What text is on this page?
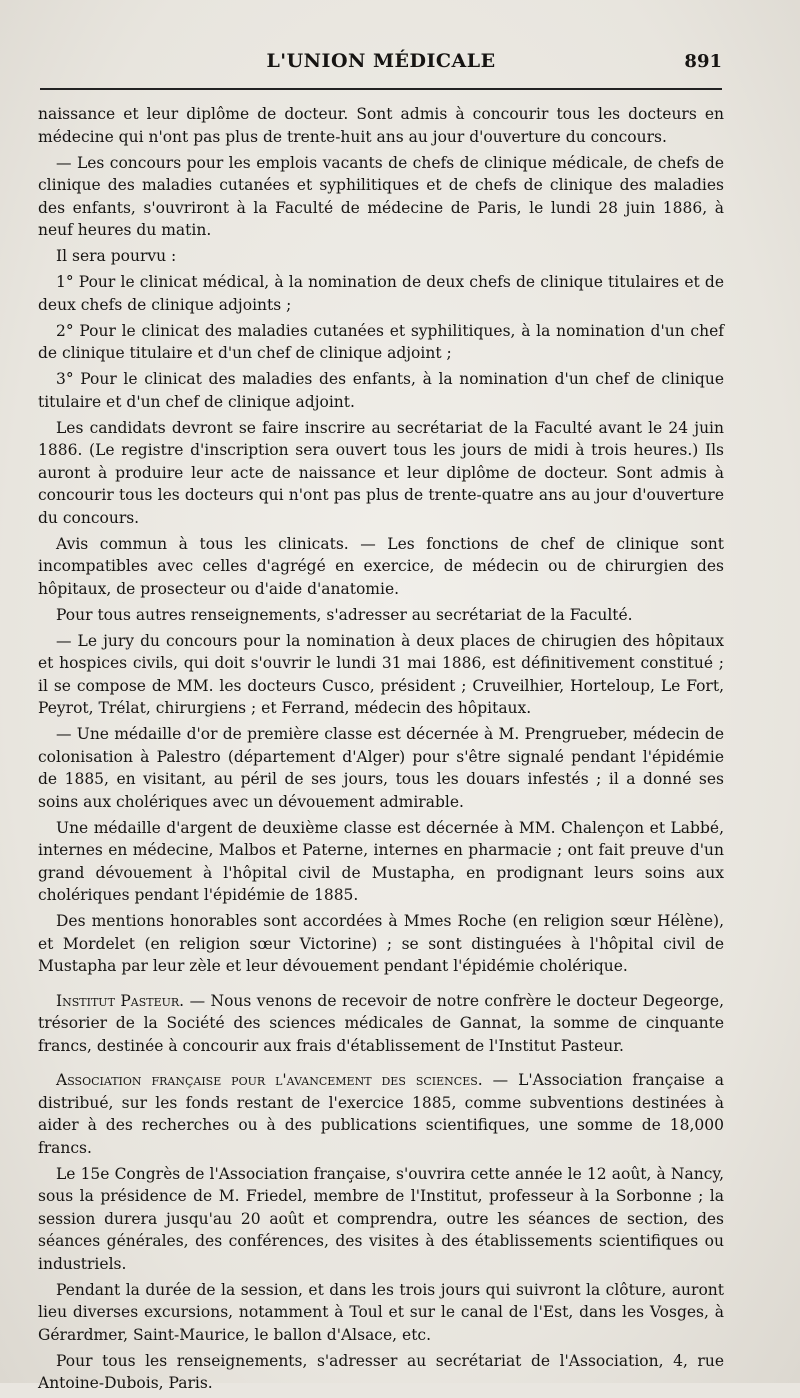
L'UNION MÉDICALE	891

naissance et leur diplôme de docteur. Sont admis à concourir tous les docteurs en médecine qui n'ont pas plus de trente-huit ans au jour d'ouverture du concours.

— Les concours pour les emplois vacants de chefs de clinique médicale, de chefs de clinique des maladies cutanées et syphilitiques et de chefs de clinique des maladies des enfants, s'ouvriront à la Faculté de médecine de Paris, le lundi 28 juin 1886, à neuf heures du matin.

Il sera pourvu :

1° Pour le clinicat médical, à la nomination de deux chefs de clinique titulaires et de deux chefs de clinique adjoints ;

2° Pour le clinicat des maladies cutanées et syphilitiques, à la nomination d'un chef de clinique titulaire et d'un chef de clinique adjoint ;

3° Pour le clinicat des maladies des enfants, à la nomination d'un chef de clinique titulaire et d'un chef de clinique adjoint.

Les candidats devront se faire inscrire au secrétariat de la Faculté avant le 24 juin 1886. (Le registre d'inscription sera ouvert tous les jours de midi à trois heures.) Ils auront à produire leur acte de naissance et leur diplôme de docteur. Sont admis à concourir tous les docteurs qui n'ont pas plus de trente-quatre ans au jour d'ouverture du concours.

Avis commun à tous les clinicats. — Les fonctions de chef de clinique sont incompatibles avec celles d'agrégé en exercice, de médecin ou de chirurgien des hôpitaux, de prosecteur ou d'aide d'anatomie.

Pour tous autres renseignements, s'adresser au secrétariat de la Faculté.

— Le jury du concours pour la nomination à deux places de chirugien des hôpitaux et hospices civils, qui doit s'ouvrir le lundi 31 mai 1886, est définitivement constitué ; il se compose de MM. les docteurs Cusco, président ; Cruveilhier, Horteloup, Le Fort, Peyrot, Trélat, chirurgiens ; et Ferrand, médecin des hôpitaux.

— Une médaille d'or de première classe est décernée à M. Prengrueber, médecin de colonisation à Palestro (département d'Alger) pour s'être signalé pendant l'épidémie de 1885, en visitant, au péril de ses jours, tous les douars infestés ; il a donné ses soins aux cholériques avec un dévouement admirable.

Une médaille d'argent de deuxième classe est décernée à MM. Chalençon et Labbé, internes en médecine, Malbos et Paterne, internes en pharmacie ; ont fait preuve d'un grand dévouement à l'hôpital civil de Mustapha, en prodignant leurs soins aux cholériques pendant l'épidémie de 1885.

Des mentions honorables sont accordées à Mmes Roche (en religion sœur Hélène), et Mordelet (en religion sœur Victorine) ; se sont distinguées à l'hôpital civil de Mustapha par leur zèle et leur dévouement pendant l'épidémie cholérique.

Institut Pasteur. — Nous venons de recevoir de notre confrère le docteur Degeorge, trésorier de la Société des sciences médicales de Gannat, la somme de cinquante francs, destinée à concourir aux frais d'établissement de l'Institut Pasteur.

Association française pour l'avancement des sciences. — L'Association française a distribué, sur les fonds restant de l'exercice 1885, comme subventions destinées à aider à des recherches ou à des publications scientifiques, une somme de 18,000 francs.

Le 15e Congrès de l'Association française, s'ouvrira cette année le 12 août, à Nancy, sous la présidence de M. Friedel, membre de l'Institut, professeur à la Sorbonne ; la session durera jusqu'au 20 août et comprendra, outre les séances de section, des séances générales, des conférences, des visites à des établissements scientifiques ou industriels.

Pendant la durée de la session, et dans les trois jours qui suivront la clôture, auront lieu diverses excursions, notamment à Toul et sur le canal de l'Est, dans les Vosges, à Gérardmer, Saint-Maurice, le ballon d'Alsace, etc.

Pour tous les renseignements, s'adresser au secrétariat de l'Association, 4, rue Antoine-Dubois, Paris.
